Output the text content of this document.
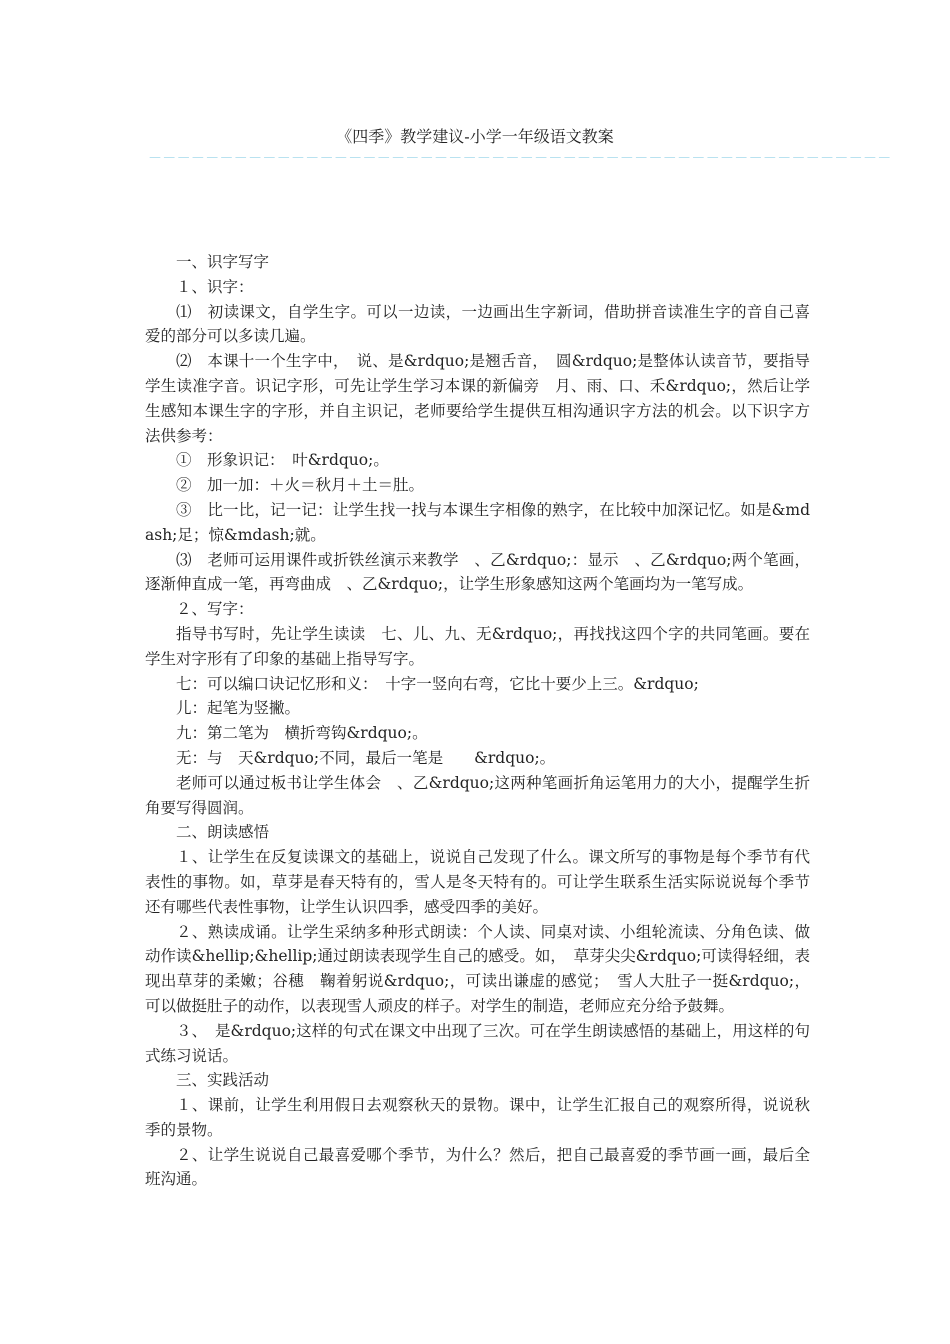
《四季》教学建议-小学一年级语文教案
－－－－－－－－－－－－－－－－－－－－－－－－－－－－－－－－－－－－－－－－－－－－－－－－－－－－

一、识字写字

１、识字：

⑴　初读课文，自学生字。可以一边读，一边画出生字新词，借助拼音读准生字的音自己喜爱的部分可以多读几遍。

⑵　本课十一个生字中，　说、是&rdquo;是翘舌音，　圆&rdquo;是整体认读音节，要指导学生读准字音。识记字形，可先让学生学习本课的新偏旁　月、雨、口、禾&rdquo;，然后让学生感知本课生字的字形，并自主识记，老师要给学生提供互相沟通识字方法的机会。以下识字方法供参考：

①　形象识记：　叶&rdquo;。

②　加一加：＋火＝秋月＋土＝肚。

③　比一比，记一记：让学生找一找与本课生字相像的熟字，在比较中加深记忆。如是&mdash;足；惊&mdash;就。

⑶　老师可运用课件或折铁丝演示来教学　、乙&rdquo;：显示　、乙&rdquo;两个笔画，逐渐伸直成一笔，再弯曲成　、乙&rdquo;，让学生形象感知这两个笔画均为一笔写成。

２、写字：

指导书写时，先让学生读读　七、儿、九、无&rdquo;，再找找这四个字的共同笔画。要在学生对字形有了印象的基础上指导写字。

七：可以编口诀记忆形和义：　十字一竖向右弯，它比十要少上三。&rdquo;

儿：起笔为竖撇。

九：第二笔为　横折弯钩&rdquo;。

无：与　天&rdquo;不同，最后一笔是　　&rdquo;。

老师可以通过板书让学生体会　、乙&rdquo;这两种笔画折角运笔用力的大小，提醒学生折角要写得圆润。

二、朗读感悟

１、让学生在反复读课文的基础上，说说自己发现了什么。课文所写的事物是每个季节有代表性的事物。如，草芽是春天特有的，雪人是冬天特有的。可让学生联系生活实际说说每个季节还有哪些代表性事物，让学生认识四季，感受四季的美好。

２、熟读成诵。让学生采纳多种形式朗读：个人读、同桌对读、小组轮流读、分角色读、做动作读&hellip;&hellip;通过朗读表现学生自己的感受。如，　草芽尖尖&rdquo;可读得轻细，表现出草芽的柔嫩；谷穗　鞠着躬说&rdquo;，可读出谦虚的感觉；　雪人大肚子一挺&rdquo;，可以做挺肚子的动作，以表现雪人顽皮的样子。对学生的制造，老师应充分给予鼓舞。

３、　是&rdquo;这样的句式在课文中出现了三次。可在学生朗读感悟的基础上，用这样的句式练习说话。

三、实践活动

１、课前，让学生利用假日去观察秋天的景物。课中，让学生汇报自己的观察所得，说说秋季的景物。

２、让学生说说自己最喜爱哪个季节，为什么？然后，把自己最喜爱的季节画一画，最后全班沟通。
